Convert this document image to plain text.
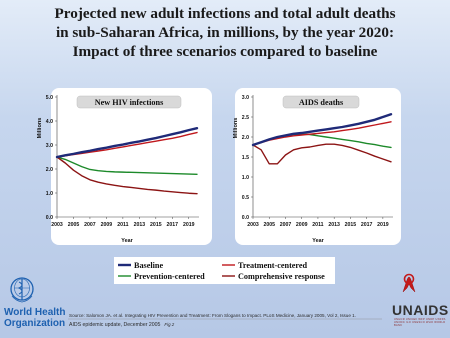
Projected new adult infections and total adult deaths
in sub-Saharan Africa, in millions, by the year 2020:
Impact of three scenarios compared to baseline
New HIV infections
Millions
0.0
1.0
2.0
3.0
4.0
5.0
2003 2005 2007 2009 2011 2013 2015 2017 2019
Year
AIDS deaths
Millions
0.0
0.5
1.0
1.5
2.0
2.5
3.0
2003 2005 2007 2009 2011 2013 2015 2017 2019
Year
Baseline	Treatment-centered
Prevention-centered	Comprehensive response
Source: Salomon JA. et al. Integrating HIV Prevention and Treatment: From Slogans to Impact. PLoS Medicine, January 2005, Vol 2, Issue 1.
AIDS epidemic update, December 2005 Fig 2
World Health
Organization
UNAIDS
UNHCR UNICEF WFP UNDP UNFPA UNODC ILO UNESCO WHO WORLD BANK
